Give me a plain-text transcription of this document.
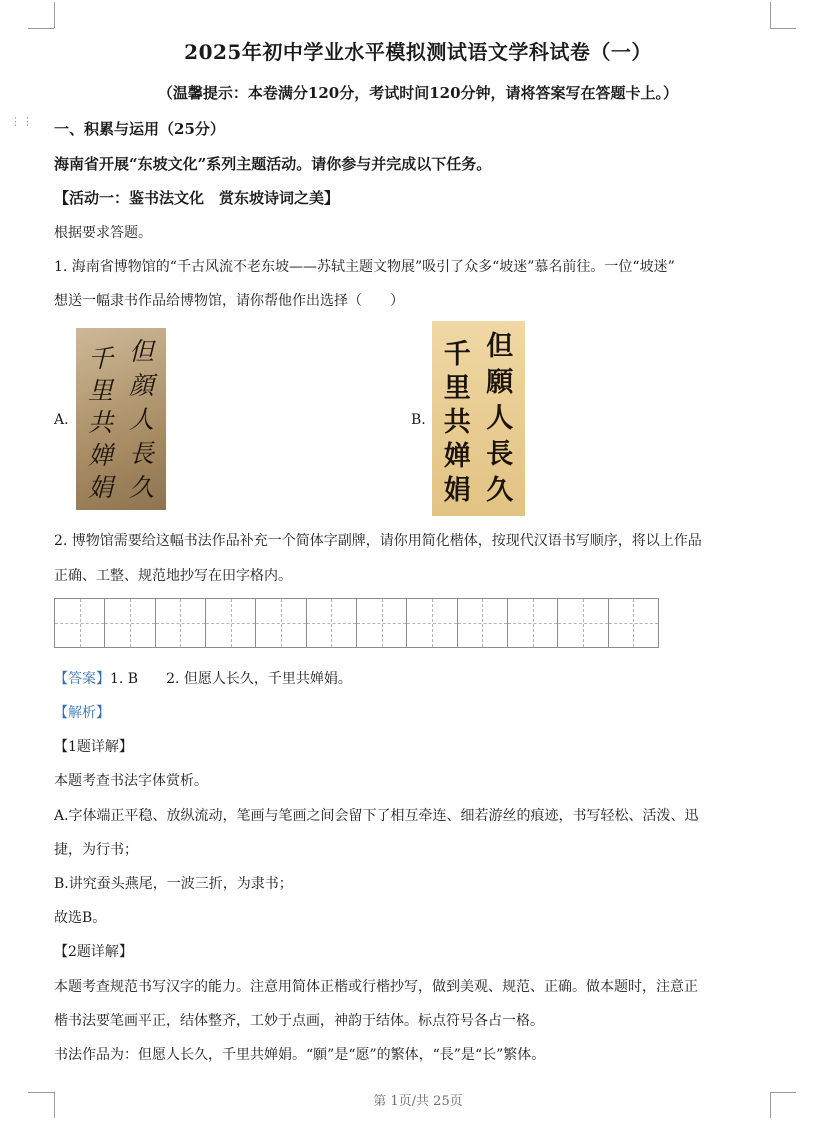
2025年初中学业水平模拟测试语文学科试卷（一）
（温馨提示：本卷满分120分，考试时间120分钟，请将答案写在答题卡上。）
⋮⋮ 一、积累与运用（25分）
海南省开展“东坡文化”系列主题活动。请你参与并完成以下任务。
【活动一：鉴书法文化　赏东坡诗词之美】
根据要求答题。
1. 海南省博物馆的“千古风流不老东坡——苏轼主题文物展”吸引了众多“坡迷”慕名前往。一位“坡迷”
想送一幅隶书作品给博物馆，请你帮他作出选择（　　）
A.
但
顔
人
長
久
千
里
共
婵
娟
B.
但
願
人
長
久
千
里
共
婵
娟
2. 博物馆需要给这幅书法作品补充一个简体字副牌，请你用简化楷体，按现代汉语书写顺序，将以上作品
正确、工整、规范地抄写在田字格内。
【答案】1. B　　2. 但愿人长久，千里共婵娟。
【解析】
【1题详解】
本题考查书法字体赏析。
A.字体端正平稳、放纵流动，笔画与笔画之间会留下了相互牵连、细若游丝的痕迹，书写轻松、活泼、迅
捷，为行书；
B.讲究蚕头燕尾，一波三折，为隶书；
故选B。
【2题详解】
本题考查规范书写汉字的能力。注意用简体正楷或行楷抄写，做到美观、规范、正确。做本题时，注意正
楷书法要笔画平正，结体整齐，工妙于点画，神韵于结体。标点符号各占一格。
书法作品为：但愿人长久，千里共婵娟。“願”是“愿”的繁体，“長”是“长”繁体。
第 1页/共 25页
